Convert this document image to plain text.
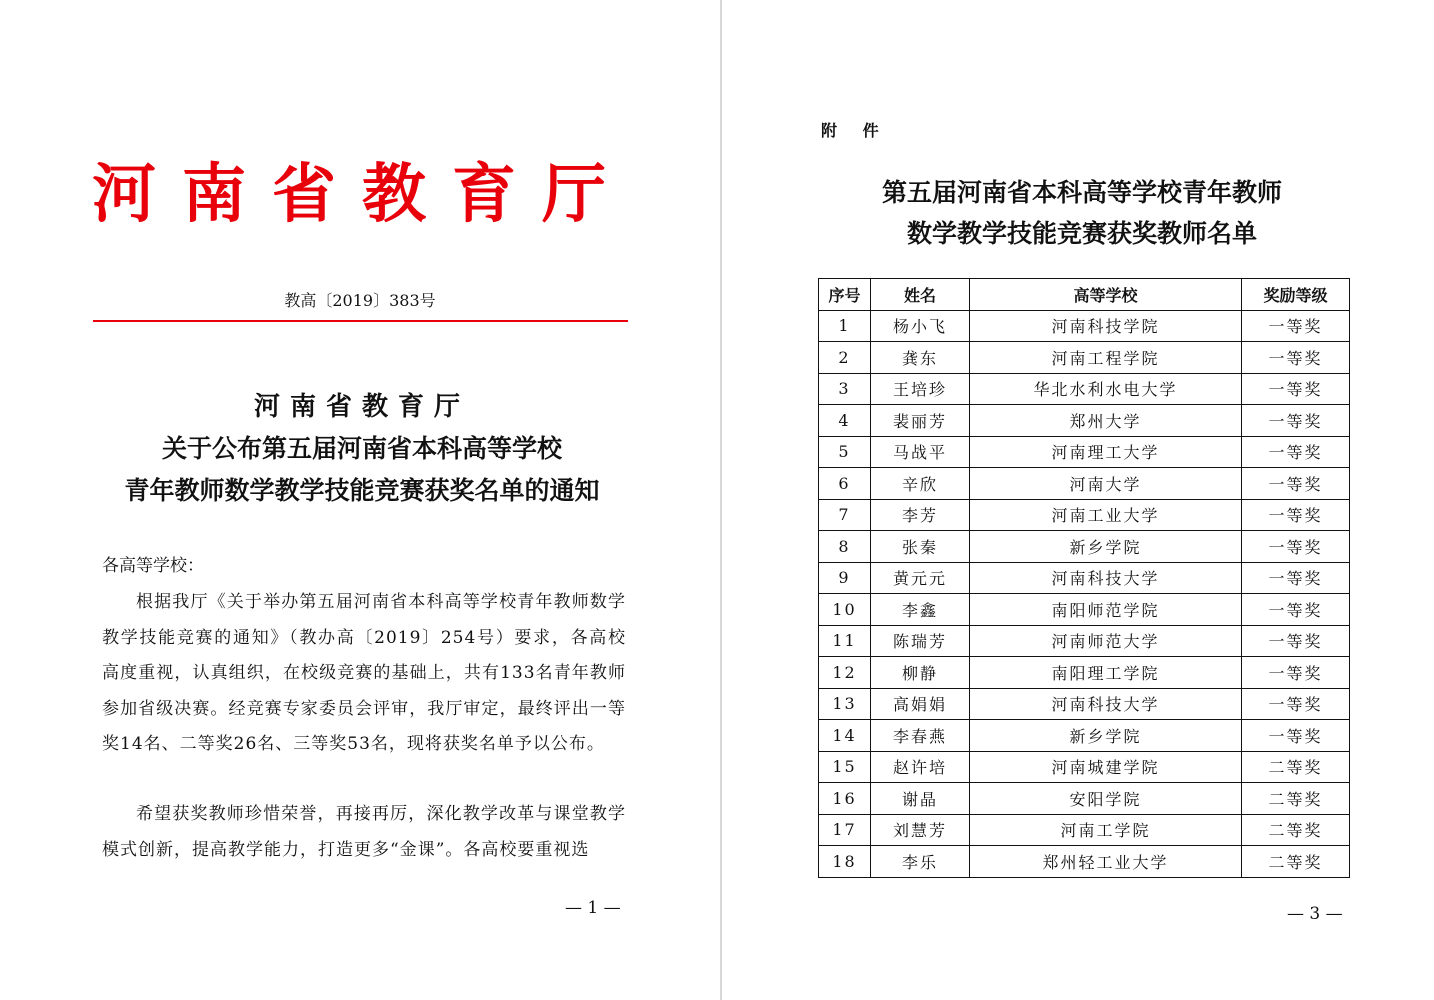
河南省教育厅
教高〔2019〕383号
河南省教育厅
关于公布第五届河南省本科高等学校
青年教师数学教学技能竞赛获奖名单的通知
各高等学校：

根据我厅《关于举办第五届河南省本科高等学校青年教师数学教学技能竞赛的通知》（教办高〔2019〕254号）要求，各高校高度重视，认真组织，在校级竞赛的基础上，共有133名青年教师参加省级决赛。经竞赛专家委员会评审，我厅审定，最终评出一等奖14名、二等奖26名、三等奖53名，现将获奖名单予以公布。

希望获奖教师珍惜荣誉，再接再厉，深化教学改革与课堂教学模式创新，提高教学能力，打造更多“金课”。各高校要重视选

— 1 —
附 件
第五届河南省本科高等学校青年教师
数学教学技能竞赛获奖教师名单
序号	姓名	高等学校	奖励等级
1	杨小飞	河南科技学院	一等奖
2	龚东	河南工程学院	一等奖
3	王培珍	华北水利水电大学	一等奖
4	裴丽芳	郑州大学	一等奖
5	马战平	河南理工大学	一等奖
6	辛欣	河南大学	一等奖
7	李芳	河南工业大学	一等奖
8	张秦	新乡学院	一等奖
9	黄元元	河南科技大学	一等奖
10	李鑫	南阳师范学院	一等奖
11	陈瑞芳	河南师范大学	一等奖
12	柳静	南阳理工学院	一等奖
13	高娟娟	河南科技大学	一等奖
14	李春燕	新乡学院	一等奖
15	赵许培	河南城建学院	二等奖
16	谢晶	安阳学院	二等奖
17	刘慧芳	河南工学院	二等奖
18	李乐	郑州轻工业大学	二等奖
— 3 —
